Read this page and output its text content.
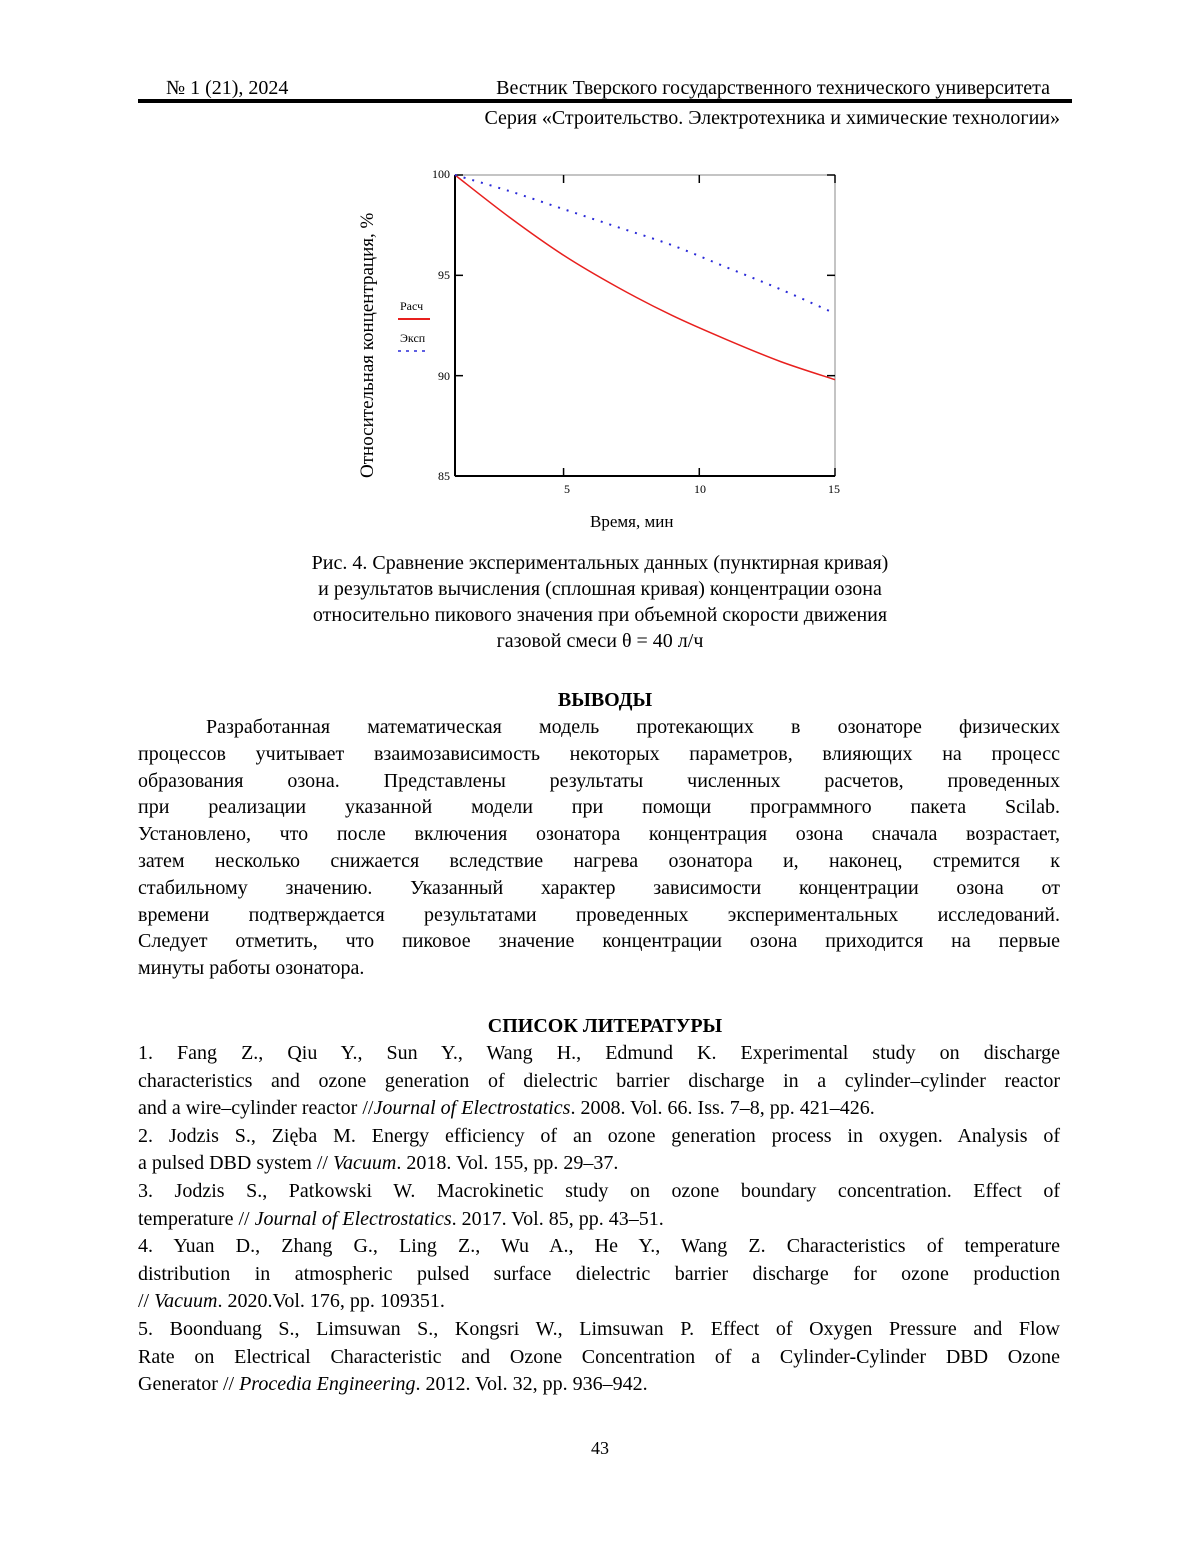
№ 1 (21), 2024	Вестник Тверского государственного технического университета
Серия «Строительство. Электротехника и химические технологии»
Относительная концентрация, %
Время, мин
100
95
90
85
5	10	15
Расч
Эксп
Рис. 4. Сравнение экспериментальных данных (пунктирная кривая)
и результатов вычисления (сплошная кривая) концентрации озона
относительно пикового значения при объемной скорости движения
газовой смеси θ = 40 л/ч
ВЫВОДЫ
Разработанная математическая модель протекающих в озонаторе физических
процессов учитывает взаимозависимость некоторых параметров, влияющих на процесс
образования озона. Представлены результаты численных расчетов, проведенных
при реализации указанной модели при помощи программного пакета Scilab.
Установлено, что после включения озонатора концентрация озона сначала возрастает,
затем несколько снижается вследствие нагрева озонатора и, наконец, стремится к
стабильному значению. Указанный характер зависимости концентрации озона от
времени подтверждается результатами проведенных экспериментальных исследований.
Следует отметить, что пиковое значение концентрации озона приходится на первые
минуты работы озонатора.
СПИСОК ЛИТЕРАТУРЫ
1. Fang Z., Qiu Y., Sun Y., Wang H., Edmund K. Experimental study on discharge
characteristics and ozone generation of dielectric barrier discharge in a cylinder–cylinder reactor
and a wire–cylinder reactor //Journal of Electrostatics. 2008. Vol. 66. Iss. 7–8, pp. 421–426.
2. Jodzis S., Zięba M. Energy efficiency of an ozone generation process in oxygen. Analysis of
a pulsed DBD system // Vacuum. 2018. Vol. 155, pp. 29–37.
3. Jodzis S., Patkowski W. Macrokinetic study on ozone boundary concentration. Effect of
temperature // Journal of Electrostatics. 2017. Vol. 85, pp. 43–51.
4. Yuan D., Zhang G., Ling Z., Wu A., He Y., Wang Z. Characteristics of temperature
distribution in atmospheric pulsed surface dielectric barrier discharge for ozone production
// Vacuum. 2020.Vol. 176, pp. 109351.
5. Boonduang S., Limsuwan S., Kongsri W., Limsuwan P. Effect of Oxygen Pressure and Flow
Rate on Electrical Characteristic and Ozone Concentration of a Cylinder-Cylinder DBD Ozone
Generator // Procedia Engineering. 2012. Vol. 32, pp. 936–942.
43
